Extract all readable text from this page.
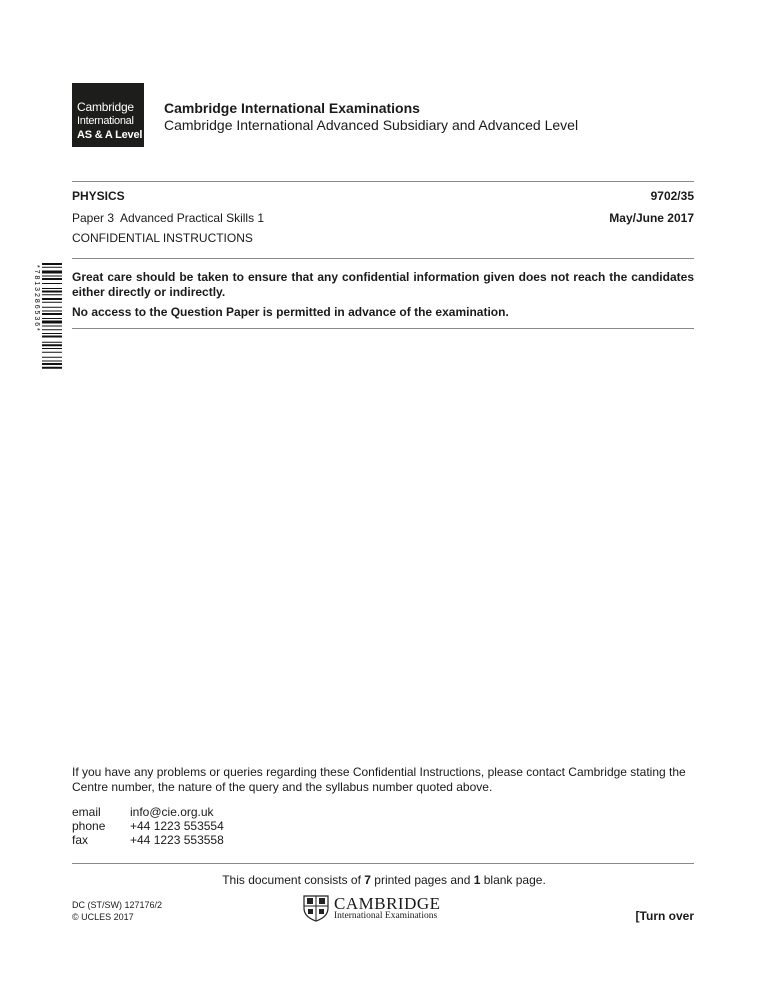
Cambridge
International
AS & A Level
Cambridge International Examinations
Cambridge International Advanced Subsidiary and Advanced Level
PHYSICS	9702/35
Paper 3  Advanced Practical Skills 1	May/June 2017
CONFIDENTIAL INSTRUCTIONS
* 7 8 1 3 2 8 6 5 3 6 *	Great care should be taken to ensure that any confidential information given does not reach the candidates either directly or indirectly.
No access to the Question Paper is permitted in advance of the examination.
If you have any problems or queries regarding these Confidential Instructions, please contact Cambridge stating the Centre number, the nature of the query and the syllabus number quoted above.
email info@cie.org.uk
phone +44 1223 553554
fax	+44 1223 553558
This document consists of 7 printed pages and 1 blank page.
DC (ST/SW) 127176/2
© UCLES 2017
CAMBRIDGE
International Examinations	[Turn over
